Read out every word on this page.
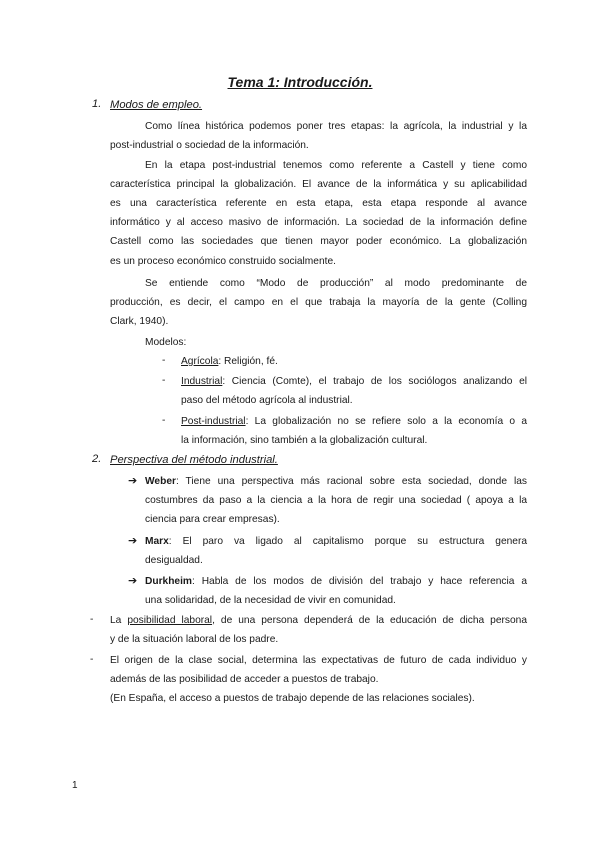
Tema 1: Introducción.
1. Modos de empleo.
Como línea histórica podemos poner tres etapas: la agrícola, la industrial y la
post-industrial o sociedad de la información.
En la etapa post-industrial tenemos como referente a Castell y tiene como
característica principal la globalización. El avance de la informática y su aplicabilidad
es una característica referente en esta etapa, esta etapa responde al avance
informático y al acceso masivo de información. La sociedad de la información define
Castell como las sociedades que tienen mayor poder económico. La globalización
es un proceso económico construido socialmente.
Se entiende como “Modo de producción” al modo predominante de
producción, es decir, el campo en el que trabaja la mayoría de la gente (Colling
Clark, 1940).
Modelos:
- Agrícola: Religión, fé.
- Industrial: Ciencia (Comte), el trabajo de los sociólogos analizando el
paso del método agrícola al industrial.
- Post-industrial: La globalización no se refiere solo a la economía o a
la información, sino también a la globalización cultural.
2. Perspectiva del método industrial.
➔ Weber: Tiene una perspectiva más racional sobre esta sociedad, donde las
costumbres da paso a la ciencia a la hora de regir una sociedad ( apoya a la
ciencia para crear empresas).
➔ Marx: El paro va ligado al capitalismo porque su estructura genera
desigualdad.
➔ Durkheim: Habla de los modos de división del trabajo y hace referencia a
una solidaridad, de la necesidad de vivir en comunidad.
- La posibilidad laboral, de una persona dependerá de la educación de dicha persona
y de la situación laboral de los padre.
- El origen de la clase social, determina las expectativas de futuro de cada individuo y
además de las posibilidad de acceder a puestos de trabajo.
(En España, el acceso a puestos de trabajo depende de las relaciones sociales).
1
